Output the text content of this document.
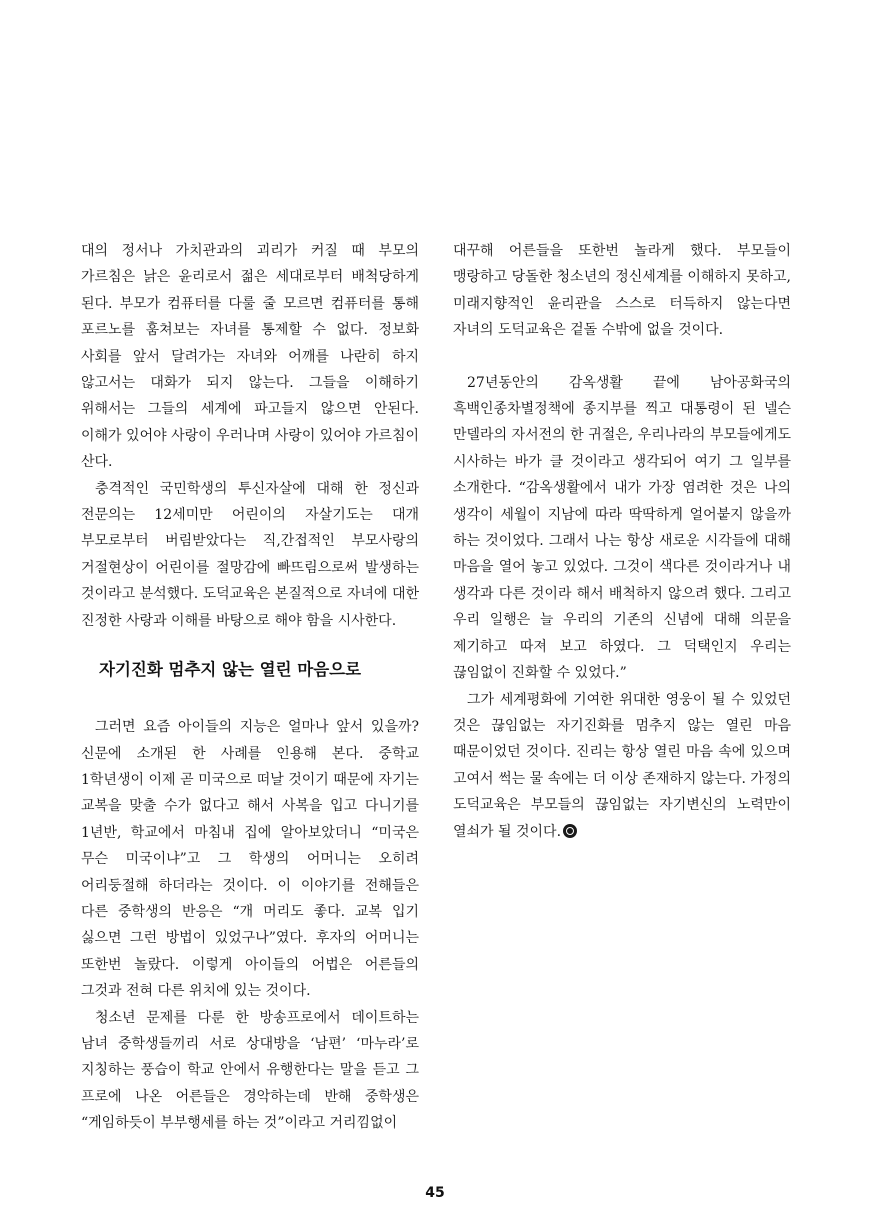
대의 정서나 가치관과의 괴리가 커질 때 부모의 가르침은 낡은 윤리로서 젊은 세대로부터 배척당하게 된다. 부모가 컴퓨터를 다룰 줄 모르면 컴퓨터를 통해 포르노를 훔쳐보는 자녀를 통제할 수 없다. 정보화 사회를 앞서 달려가는 자녀와 어깨를 나란히 하지 않고서는 대화가 되지 않는다. 그들을 이해하기 위해서는 그들의 세계에 파고들지 않으면 안된다. 이해가 있어야 사랑이 우러나며 사랑이 있어야 가르침이 산다.

충격적인 국민학생의 투신자살에 대해 한 정신과 전문의는 12세미만 어린이의 자살기도는 대개 부모로부터 버림받았다는 직,간접적인 부모사랑의 거절현상이 어린이를 절망감에 빠뜨림으로써 발생하는 것이라고 분석했다. 도덕교육은 본질적으로 자녀에 대한 진정한 사랑과 이해를 바탕으로 해야 함을 시사한다.

자기진화 멈추지 않는 열린 마음으로

그러면 요즘 아이들의 지능은 얼마나 앞서 있을까? 신문에 소개된 한 사례를 인용해 본다. 중학교 1학년생이 이제 곧 미국으로 떠날 것이기 때문에 자기는 교복을 맞출 수가 없다고 해서 사복을 입고 다니기를 1년반, 학교에서 마침내 집에 알아보았더니 “미국은 무슨 미국이냐”고 그 학생의 어머니는 오히려 어리둥절해 하더라는 것이다. 이 이야기를 전해들은 다른 중학생의 반응은 “개 머리도 좋다. 교복 입기 싫으면 그런 방법이 있었구나”였다. 후자의 어머니는 또한번 놀랐다. 이렇게 아이들의 어법은 어른들의 그것과 전혀 다른 위치에 있는 것이다.

청소년 문제를 다룬 한 방송프로에서 데이트하는 남녀 중학생들끼리 서로 상대방을 ‘남편’ ‘마누라’로 지칭하는 풍습이 학교 안에서 유행한다는 말을 듣고 그 프로에 나온 어른들은 경악하는데 반해 중학생은 “게임하듯이 부부행세를 하는 것”이라고 거리낌없이

대꾸해 어른들을 또한번 놀라게 했다. 부모들이 맹랑하고 당돌한 청소년의 정신세계를 이해하지 못하고, 미래지향적인 윤리관을 스스로 터득하지 않는다면 자녀의 도덕교육은 겉돌 수밖에 없을 것이다.

27년동안의 감옥생활 끝에 남아공화국의 흑백인종차별정책에 종지부를 찍고 대통령이 된 넬슨 만델라의 자서전의 한 귀절은, 우리나라의 부모들에게도 시사하는 바가 클 것이라고 생각되어 여기 그 일부를 소개한다. “감옥생활에서 내가 가장 염려한 것은 나의 생각이 세월이 지남에 따라 딱딱하게 얼어붙지 않을까 하는 것이었다. 그래서 나는 항상 새로운 시각들에 대해 마음을 열어 놓고 있었다. 그것이 색다른 것이라거나 내 생각과 다른 것이라 해서 배척하지 않으려 했다. 그리고 우리 일행은 늘 우리의 기존의 신념에 대해 의문을 제기하고 따져 보고 하였다. 그 덕택인지 우리는 끊임없이 진화할 수 있었다.”

그가 세계평화에 기여한 위대한 영웅이 될 수 있었던 것은 끊임없는 자기진화를 멈추지 않는 열린 마음 때문이었던 것이다. 진리는 항상 열린 마음 속에 있으며 고여서 썩는 물 속에는 더 이상 존재하지 않는다. 가정의 도덕교육은 부모들의 끊임없는 자기변신의 노력만이 열쇠가 될 것이다.

45
